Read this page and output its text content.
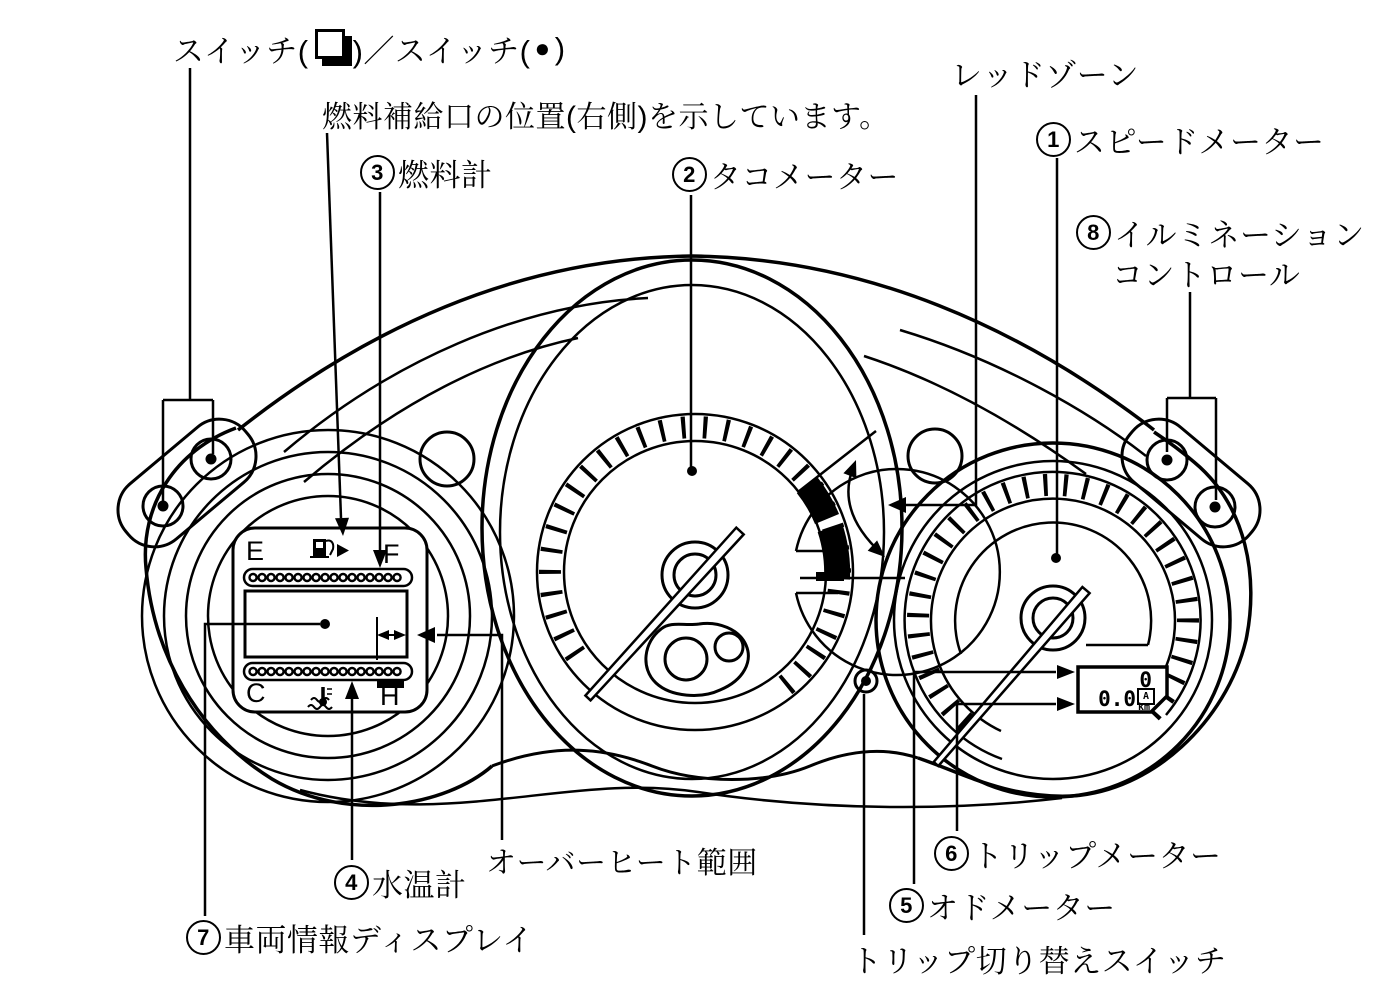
スイッチ( )／スイッチ( ● )
燃料補給口の位置(右側)を示しています。
3 燃料計	2 タコメーター
レッドゾーン
1 スピードメーター
8 イルミネーション
コントロール
4 水温計
オーバーヒート範囲
7 車両情報ディスプレイ
6 トリップメーター
5 オドメーター
トリップ切り替えスイッチ
E	F
C	H
0
0.0 A
km
